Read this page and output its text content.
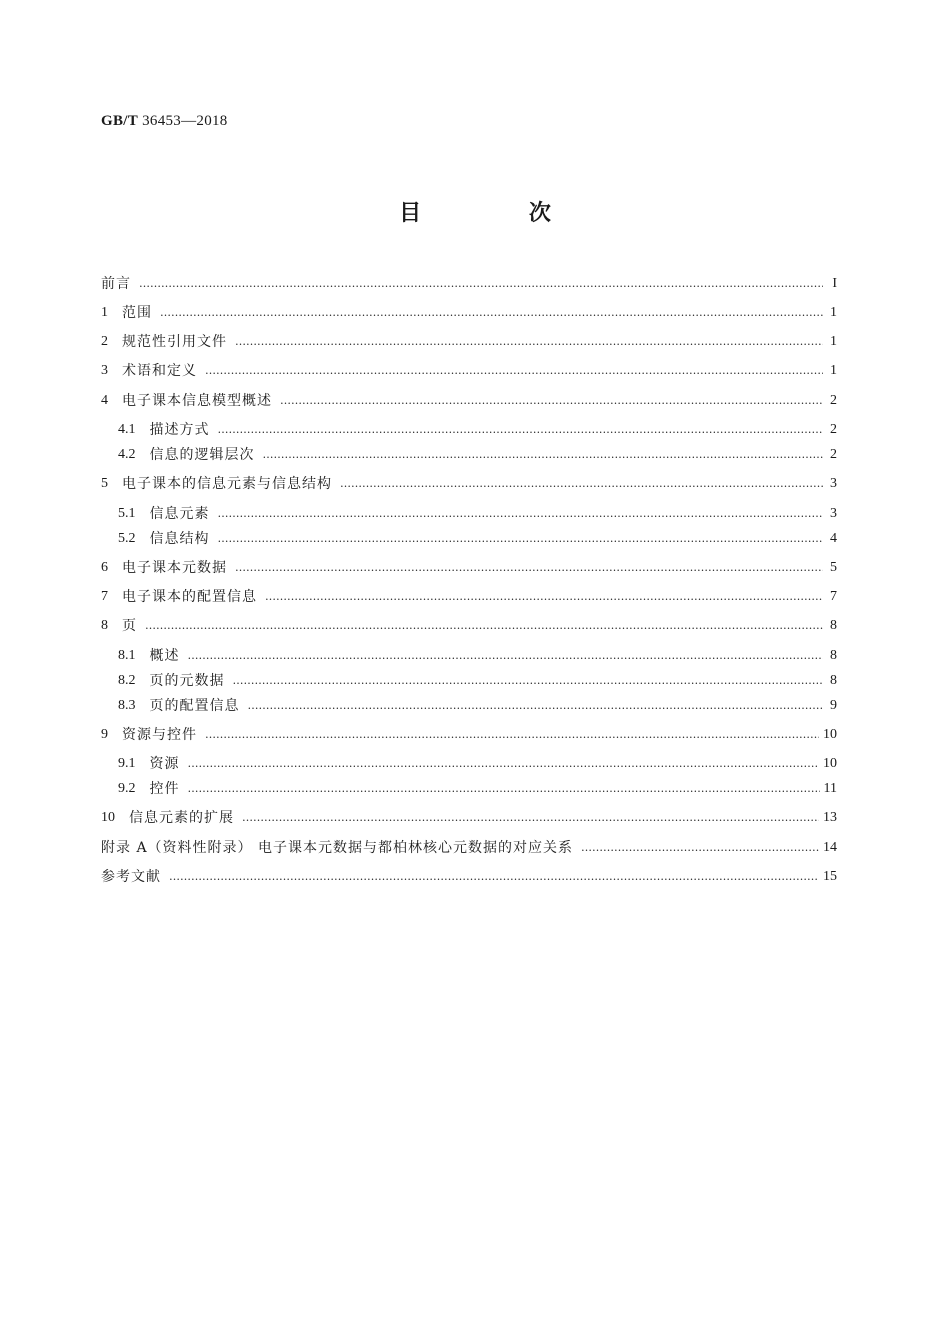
GB/T 36453—2018
目 次
前言 ……………………………………………………………………………………………………………………………………………………………………………………………………………………………………	I
1 范围 ……………………………………………………………………………………………………………………………………………………………………………………………………………………………………	1
2 规范性引用文件 ……………………………………………………………………………………………………………………………………………………………………………………………………………………………………	1
3 术语和定义 ……………………………………………………………………………………………………………………………………………………………………………………………………………………………………	1
4 电子课本信息模型概述 ……………………………………………………………………………………………………………………………………………………………………………………………………………………………………	2
4.1 描述方式 ……………………………………………………………………………………………………………………………………………………………………………………………………………………………………	2
4.2 信息的逻辑层次 ……………………………………………………………………………………………………………………………………………………………………………………………………………………………………	2
5 电子课本的信息元素与信息结构 ……………………………………………………………………………………………………………………………………………………………………………………………………………………………………	3
5.1 信息元素 ……………………………………………………………………………………………………………………………………………………………………………………………………………………………………	3
5.2 信息结构 ……………………………………………………………………………………………………………………………………………………………………………………………………………………………………	4
6 电子课本元数据 ……………………………………………………………………………………………………………………………………………………………………………………………………………………………………	5
7 电子课本的配置信息 ……………………………………………………………………………………………………………………………………………………………………………………………………………………………………	7
8 页 ……………………………………………………………………………………………………………………………………………………………………………………………………………………………………	8
8.1 概述 ……………………………………………………………………………………………………………………………………………………………………………………………………………………………………	8
8.2 页的元数据 ……………………………………………………………………………………………………………………………………………………………………………………………………………………………………	8
8.3 页的配置信息 ……………………………………………………………………………………………………………………………………………………………………………………………………………………………………	9
9 资源与控件 ……………………………………………………………………………………………………………………………………………………………………………………………………………………………………	10
9.1 资源 ……………………………………………………………………………………………………………………………………………………………………………………………………………………………………	10
9.2 控件 ……………………………………………………………………………………………………………………………………………………………………………………………………………………………………	11
10 信息元素的扩展 ……………………………………………………………………………………………………………………………………………………………………………………………………………………………………	13
附录 A（资料性附录） 电子课本元数据与都柏林核心元数据的对应关系 ……………………………………………………………………………………………………………………………………………………………………………………………………………………………………	14
参考文献 ……………………………………………………………………………………………………………………………………………………………………………………………………………………………………	15
